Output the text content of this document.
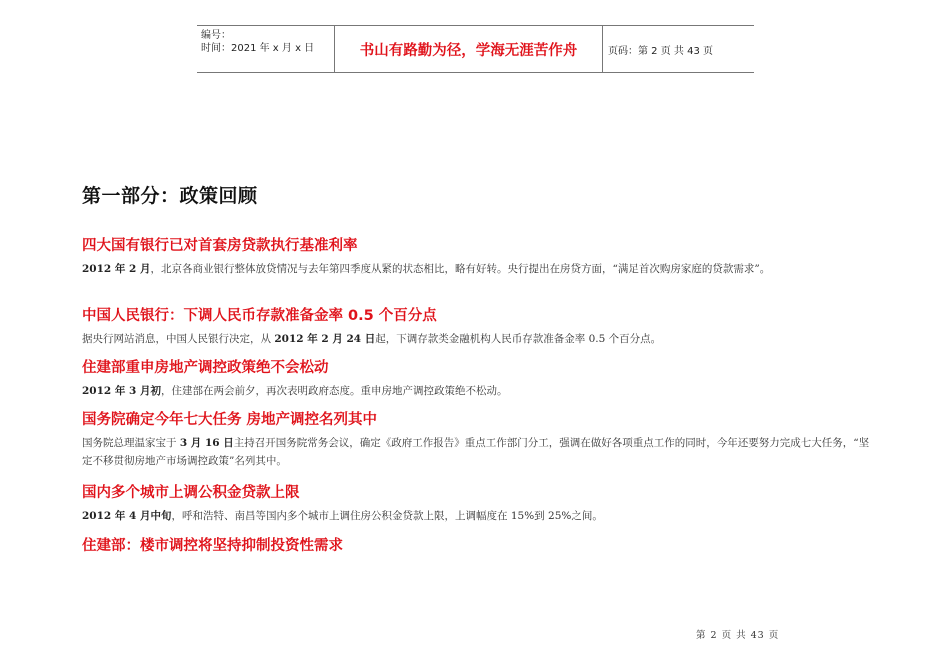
编号：
时间：2021 年 x 月 x 日	书山有路勤为径，学海无涯苦作舟	页码：第 2 页 共 43 页
第一部分：政策回顾
四大国有银行已对首套房贷款执行基准利率

2012 年 2 月，北京各商业银行整体放贷情况与去年第四季度从紧的状态相比，略有好转。央行提出在房贷方面，“满足首次购房家庭的贷款需求”。

中国人民银行：下调人民币存款准备金率 0.5 个百分点

据央行网站消息，中国人民银行决定，从 2012 年 2 月 24 日起，下调存款类金融机构人民币存款准备金率 0.5 个百分点。

住建部重申房地产调控政策绝不会松动

2012 年 3 月初，住建部在两会前夕，再次表明政府态度。重申房地产调控政策绝不松动。

国务院确定今年七大任务 房地产调控名列其中

国务院总理温家宝于 3 月 16 日主持召开国务院常务会议，确定《政府工作报告》重点工作部门分工，强调在做好各项重点工作的同时，今年还要努力完成七大任务，“坚定不移贯彻房地产市场调控政策”名列其中。

国内多个城市上调公积金贷款上限

2012 年 4 月中旬，呼和浩特、南昌等国内多个城市上调住房公积金贷款上限，上调幅度在 15%到 25%之间。

住建部：楼市调控将坚持抑制投资性需求
第 2 页 共 43 页
